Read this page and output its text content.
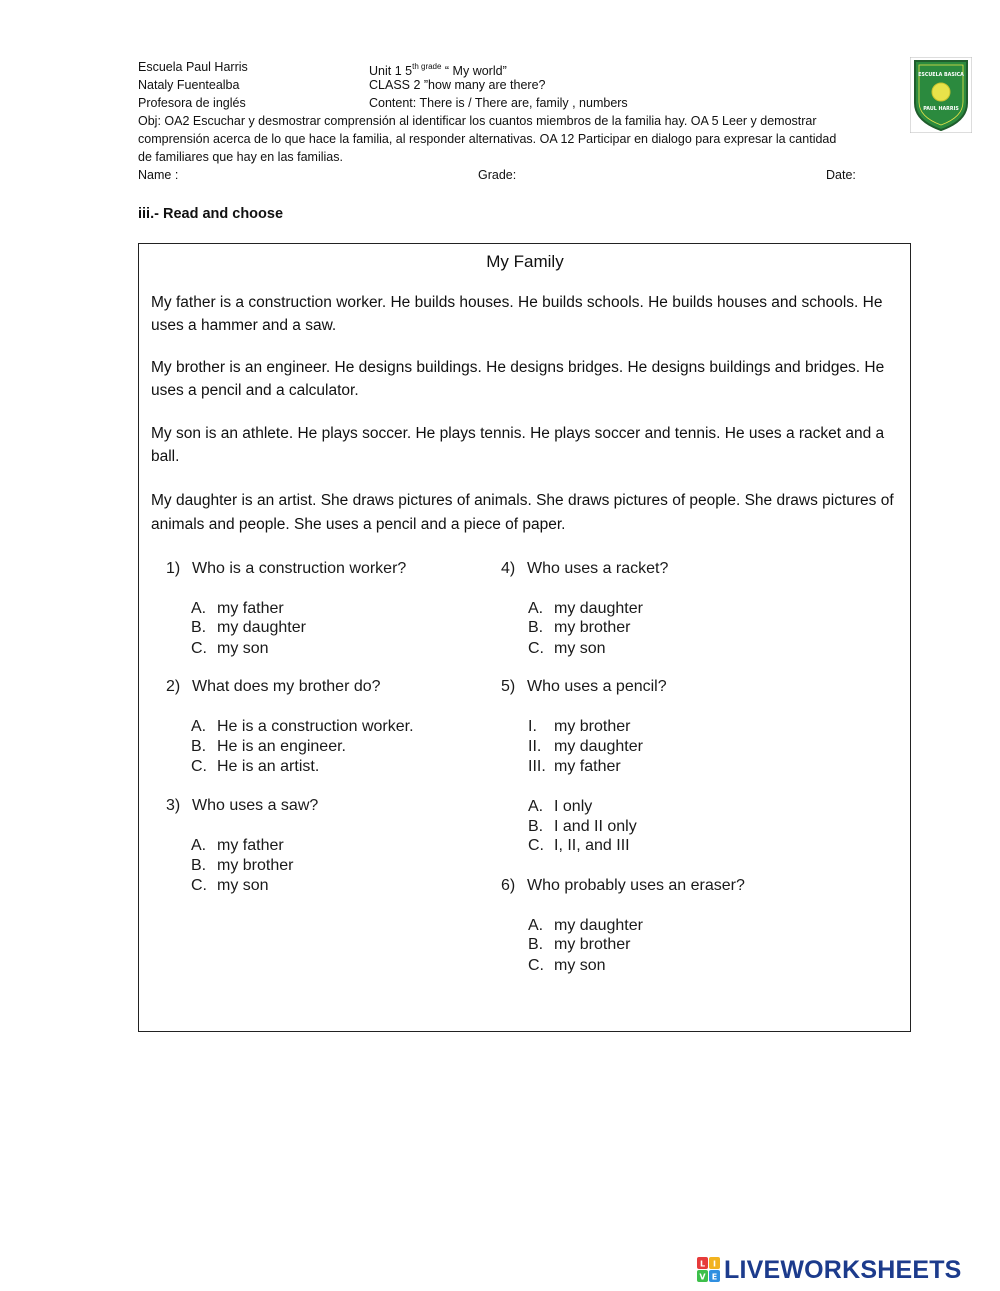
Escuela Paul Harris
Nataly Fuentealba
Profesora de inglés
Unit 1 $5^{th grade}$ “ My world”
CLASS 2 ”how many are there?
Content: There is / There are, family , numbers
Obj: OA2 Escuchar y desmostrar comprensión al identificar los cuantos miembros de la familia hay. OA 5 Leer y demostrar comprensión acerca de lo que hace la familia, al responder alternativas. OA 12 Participar en dialogo para expresar la cantidad de familiares que hay en las familias.
Name :	Grade:	Date:
ESCUELA BASICA
PAUL HARRIS
iii.- Read and choose
My Family
My father is a construction worker. He builds houses. He builds schools. He builds houses and schools. He uses a hammer and a saw.
My brother is an engineer. He designs buildings. He designs bridges. He designs buildings and bridges. He uses a pencil and a calculator.
My son is an athlete. He plays soccer. He plays tennis. He plays soccer and tennis. He uses a racket and a ball.
My daughter is an artist. She draws pictures of animals. She draws pictures of people. She draws pictures of animals and people. She uses a pencil and a piece of paper.
1) Who is a construction worker?
A. my father
B. my daughter
C. my son
2) What does my brother do?
A. He is a construction worker.
B. He is an engineer.
C. He is an artist.
3) Who uses a saw?
A. my father
B. my brother
C. my son
4) Who uses a racket?
A. my daughter
B. my brother
C. my son
5) Who uses a pencil?
I. my brother
II. my daughter
III. my father
A. I only
B. I and II only
C. I, II, and III
6) Who probably uses an eraser?
A. my daughter
B. my brother
C. my son
L I
V E LIVEWORKSHEETS
